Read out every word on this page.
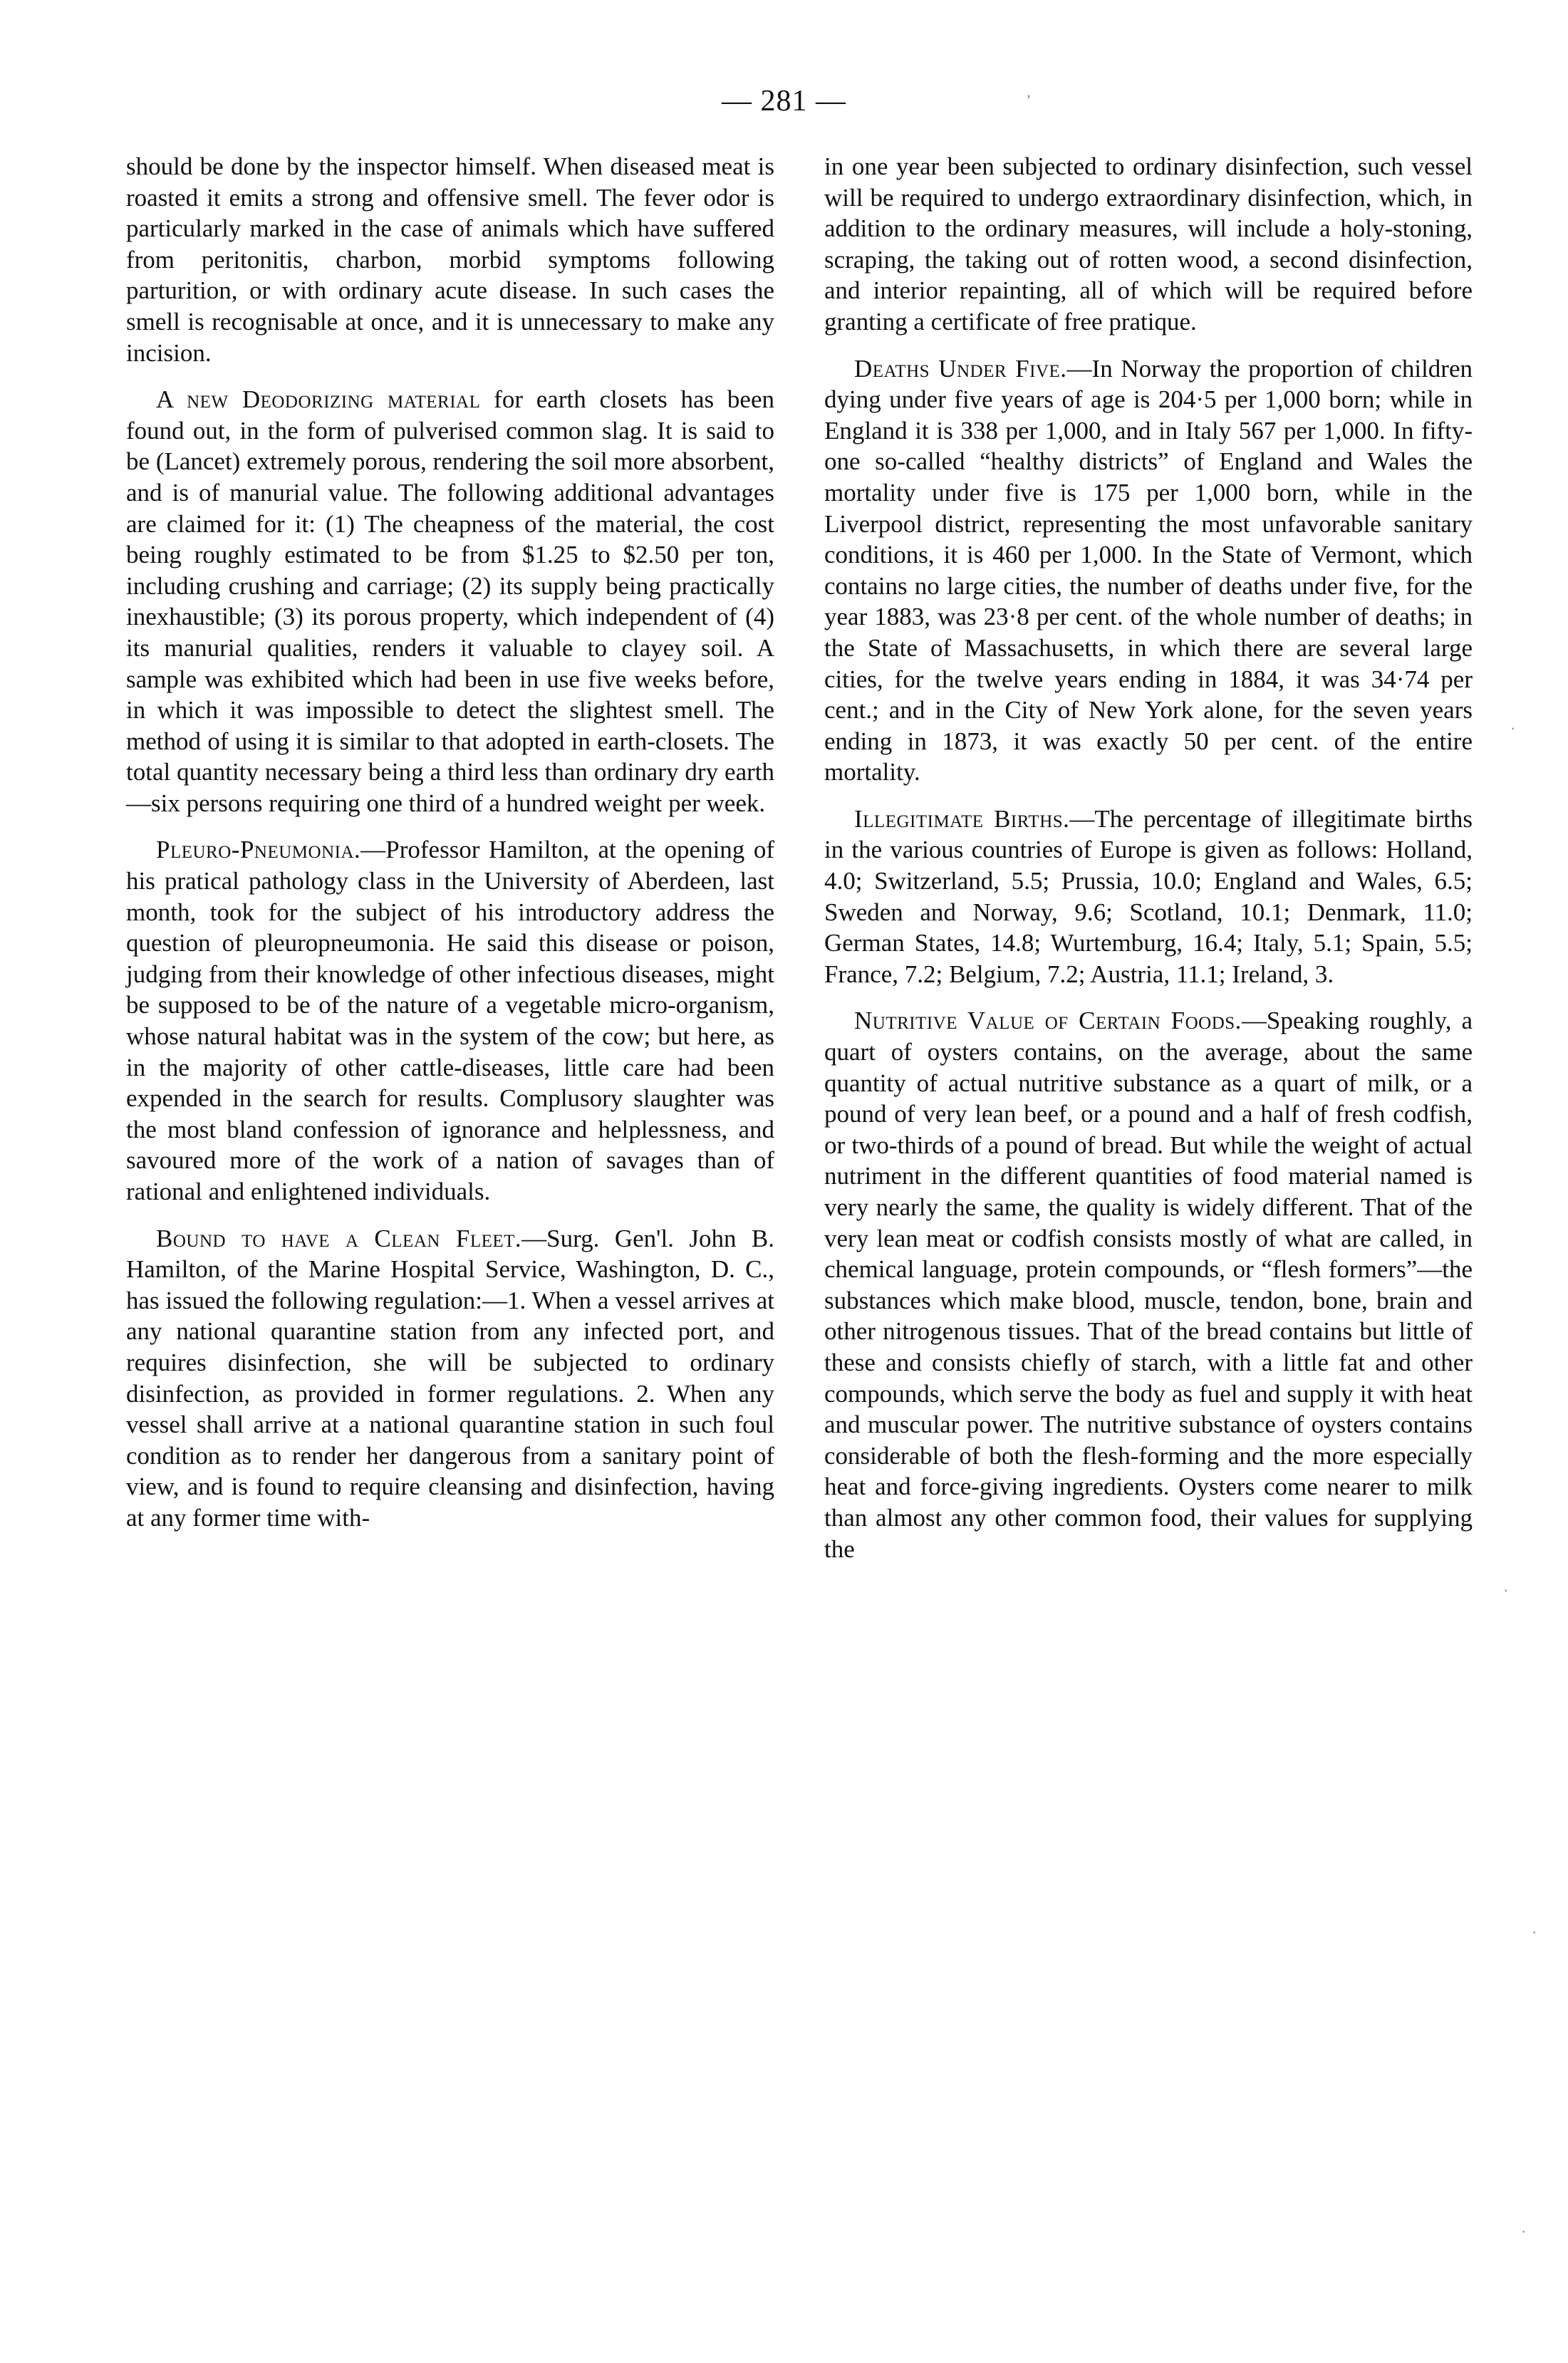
— 281 —

should be done by the inspector himself. When diseased meat is roasted it emits a strong and offensive smell. The fever odor is particularly marked in the case of animals which have suffered from peritonitis, charbon, morbid symptoms following parturition, or with ordinary acute disease. In such cases the smell is recognisable at once, and it is unnecessary to make any incision.

A new Deodorizing material for earth closets has been found out, in the form of pulverised common slag. It is said to be (Lancet) extremely porous, rendering the soil more absorbent, and is of manurial value. The following additional advantages are claimed for it: (1) The cheapness of the material, the cost being roughly estimated to be from $1.25 to $2.50 per ton, including crushing and carriage; (2) its supply being practically inexhaustible; (3) its porous property, which independent of (4) its manurial qualities, renders it valuable to clayey soil. A sample was exhibited which had been in use five weeks before, in which it was impossible to detect the slightest smell. The method of using it is similar to that adopted in earth-closets. The total quantity necessary being a third less than ordinary dry earth—six persons requiring one third of a hundred weight per week.

Pleuro-Pneumonia.—Professor Hamilton, at the opening of his pratical pathology class in the University of Aberdeen, last month, took for the subject of his introductory address the question of pleuropneumonia. He said this disease or poison, judging from their knowledge of other infectious diseases, might be supposed to be of the nature of a vegetable micro-organism, whose natural habitat was in the system of the cow; but here, as in the majority of other cattle-diseases, little care had been expended in the search for results. Complusory slaughter was the most bland confession of ignorance and helplessness, and savoured more of the work of a nation of savages than of rational and enlightened individuals.

Bound to have a Clean Fleet.—Surg. Gen'l. John B. Hamilton, of the Marine Hospital Service, Washington, D. C., has issued the following regulation:—1. When a vessel arrives at any national quarantine station from any infected port, and requires disinfection, she will be subjected to ordinary disinfection, as provided in former regulations. 2. When any vessel shall arrive at a national quarantine station in such foul condition as to render her dangerous from a sanitary point of view, and is found to require cleansing and disinfection, having at any former time with-

in one year been subjected to ordinary disinfection, such vessel will be required to undergo extraordinary disinfection, which, in addition to the ordinary measures, will include a holy-stoning, scraping, the taking out of rotten wood, a second disinfection, and interior repainting, all of which will be required before granting a certificate of free pratique.

Deaths Under Five.—In Norway the proportion of children dying under five years of age is 204·5 per 1,000 born; while in England it is 338 per 1,000, and in Italy 567 per 1,000. In fifty-one so-called “healthy districts” of England and Wales the mortality under five is 175 per 1,000 born, while in the Liverpool district, representing the most unfavorable sanitary conditions, it is 460 per 1,000. In the State of Vermont, which contains no large cities, the number of deaths under five, for the year 1883, was 23·8 per cent. of the whole number of deaths; in the State of Massachusetts, in which there are several large cities, for the twelve years ending in 1884, it was 34·74 per cent.; and in the City of New York alone, for the seven years ending in 1873, it was exactly 50 per cent. of the entire mortality.

Illegitimate Births.—The percentage of illegitimate births in the various countries of Europe is given as follows: Holland, 4.0; Switzerland, 5.5; Prussia, 10.0; England and Wales, 6.5; Sweden and Norway, 9.6; Scotland, 10.1; Denmark, 11.0; German States, 14.8; Wurtemburg, 16.4; Italy, 5.1; Spain, 5.5; France, 7.2; Belgium, 7.2; Austria, 11.1; Ireland, 3.

Nutritive Value of Certain Foods.—Speaking roughly, a quart of oysters contains, on the average, about the same quantity of actual nutritive substance as a quart of milk, or a pound of very lean beef, or a pound and a half of fresh codfish, or two-thirds of a pound of bread. But while the weight of actual nutriment in the different quantities of food material named is very nearly the same, the quality is widely different. That of the very lean meat or codfish consists mostly of what are called, in chemical language, protein compounds, or “flesh formers”—the substances which make blood, muscle, tendon, bone, brain and other nitrogenous tissues. That of the bread contains but little of these and consists chiefly of starch, with a little fat and other compounds, which serve the body as fuel and supply it with heat and muscular power. The nutritive substance of oysters contains considerable of both the flesh-forming and the more especially heat and force-giving ingredients. Oysters come nearer to milk than almost any other common food, their values for supplying the

’
·
·
·
·
